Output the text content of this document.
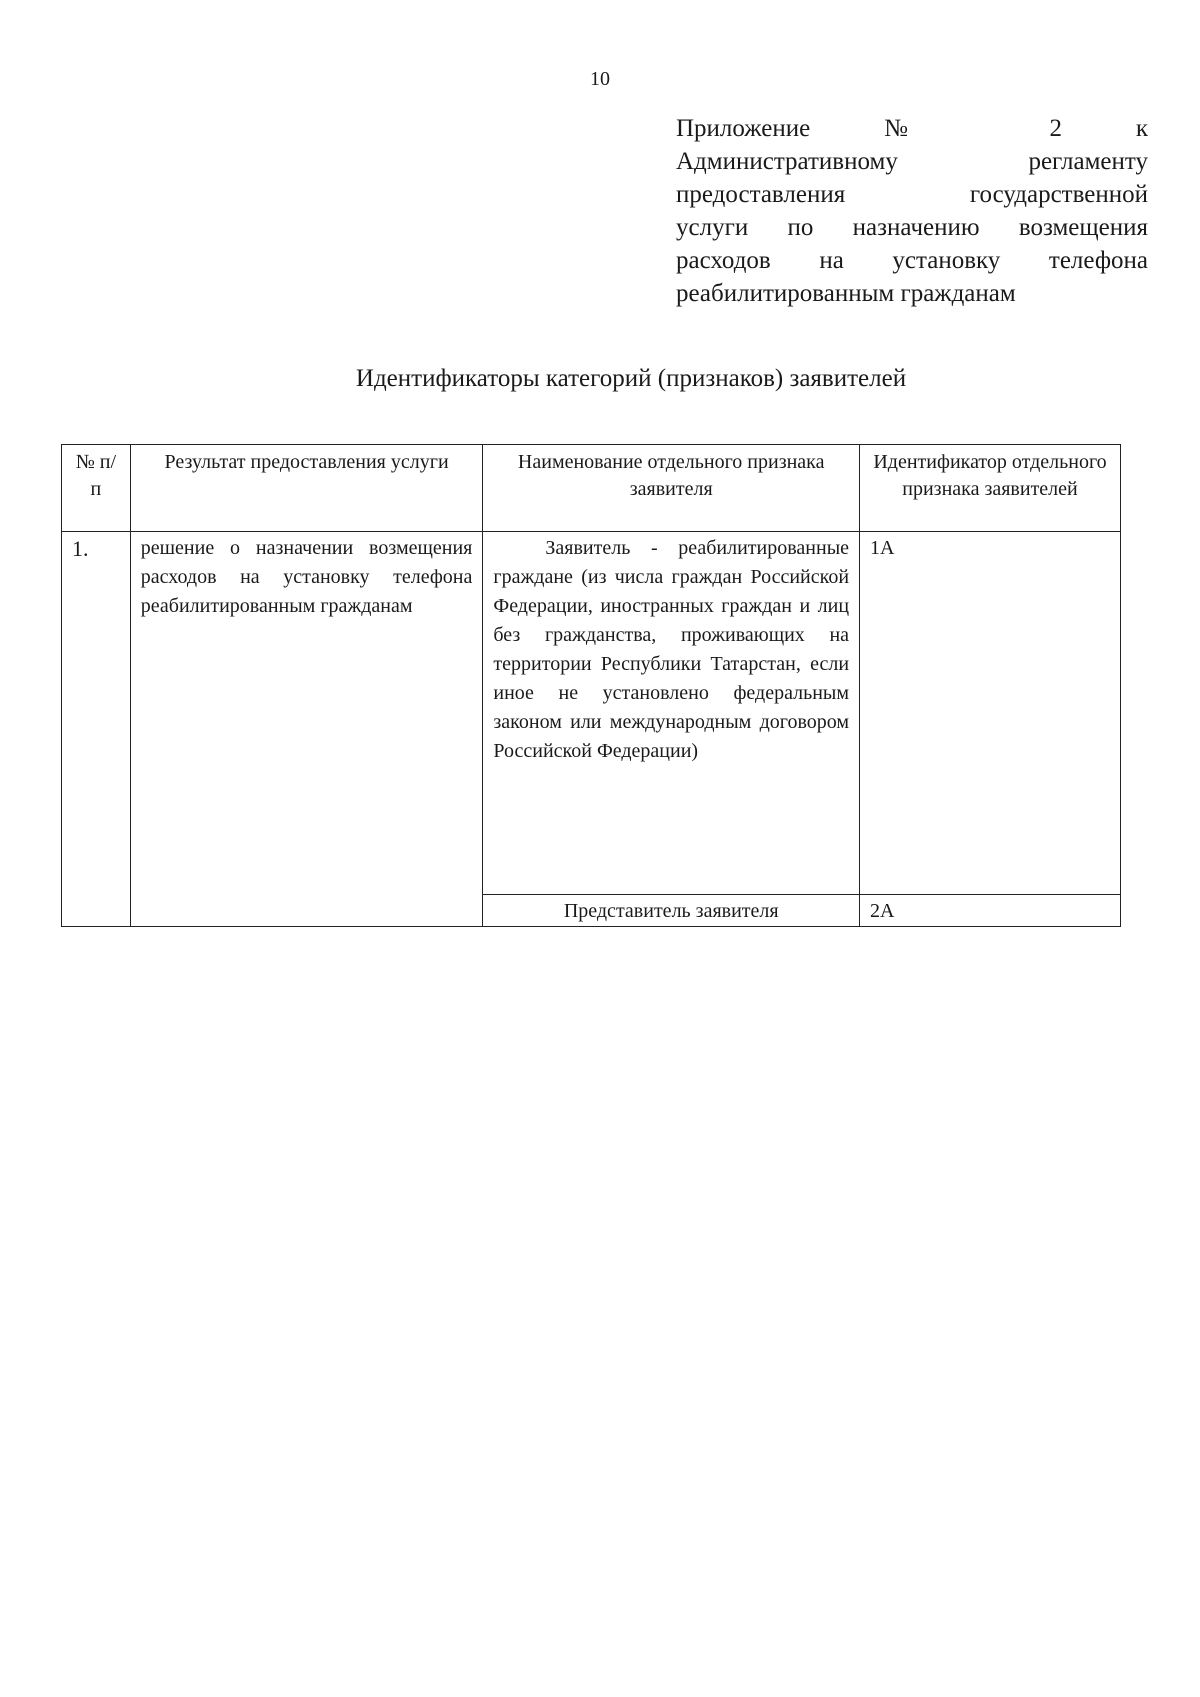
10
Приложение № 2 к
Административному регламенту
предоставления государственной
услуги по назначению возмещения
расходов на установку телефона
реабилитированным гражданам
Идентификаторы категорий (признаков) заявителей
№ п/п	Результат предоставления услуги	Наименование отдельного признака заявителя	Идентификатор отдельного признака заявителей
1.	решение о назначении возмещения расходов на установку телефона реабилитированным гражданам	Заявитель - реабилитированные граждане (из числа граждан Российской Федерации, иностранных граждан и лиц без гражданства, проживающих на территории Республики Татарстан, если иное не установлено федеральным законом или международным договором Российской Федерации)	1А
		Представитель заявителя	2А
